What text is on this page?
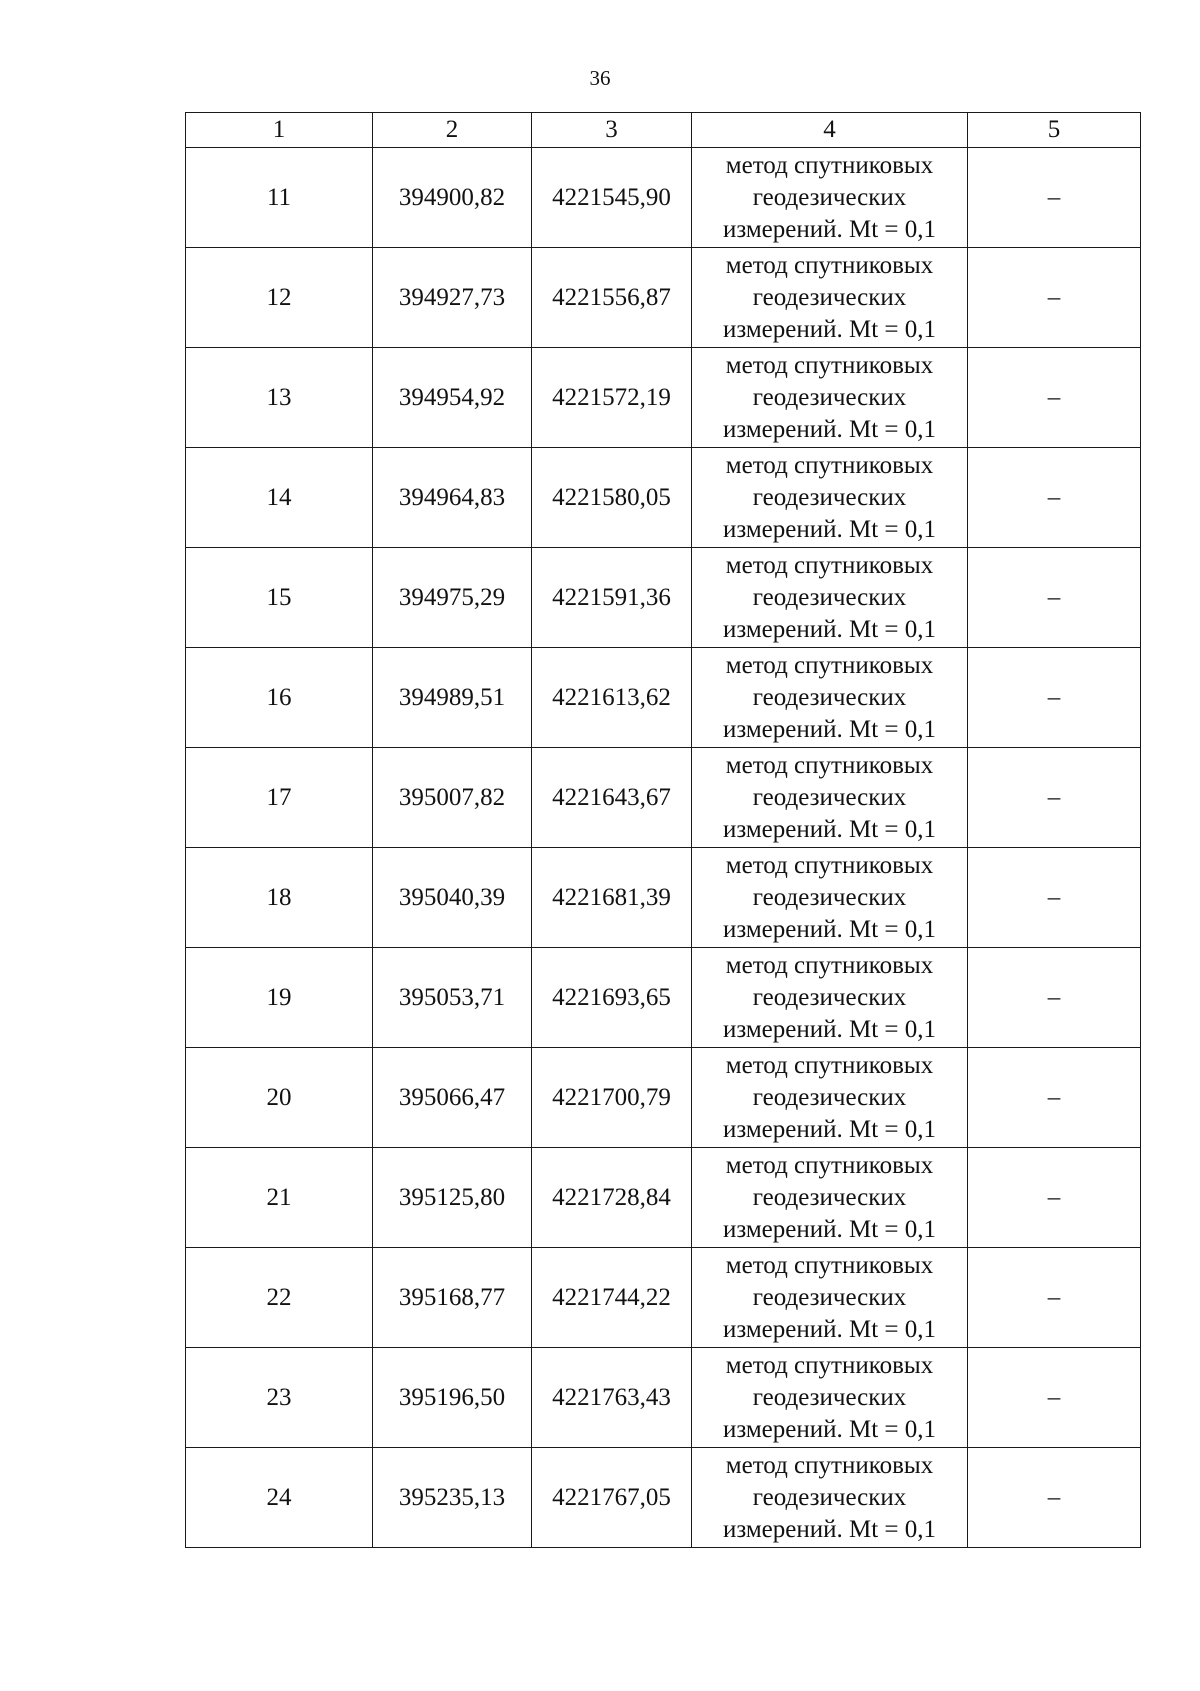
36
1	2	3	4	5
11	394900,82	4221545,90	метод спутниковых
геодезических
измерений. Mt = 0,1	–
12	394927,73	4221556,87	метод спутниковых
геодезических
измерений. Mt = 0,1	–
13	394954,92	4221572,19	метод спутниковых
геодезических
измерений. Mt = 0,1	–
14	394964,83	4221580,05	метод спутниковых
геодезических
измерений. Mt = 0,1	–
15	394975,29	4221591,36	метод спутниковых
геодезических
измерений. Mt = 0,1	–
16	394989,51	4221613,62	метод спутниковых
геодезических
измерений. Mt = 0,1	–
17	395007,82	4221643,67	метод спутниковых
геодезических
измерений. Mt = 0,1	–
18	395040,39	4221681,39	метод спутниковых
геодезических
измерений. Mt = 0,1	–
19	395053,71	4221693,65	метод спутниковых
геодезических
измерений. Mt = 0,1	–
20	395066,47	4221700,79	метод спутниковых
геодезических
измерений. Mt = 0,1	–
21	395125,80	4221728,84	метод спутниковых
геодезических
измерений. Mt = 0,1	–
22	395168,77	4221744,22	метод спутниковых
геодезических
измерений. Mt = 0,1	–
23	395196,50	4221763,43	метод спутниковых
геодезических
измерений. Mt = 0,1	–
24	395235,13	4221767,05	метод спутниковых
геодезических
измерений. Mt = 0,1	–
